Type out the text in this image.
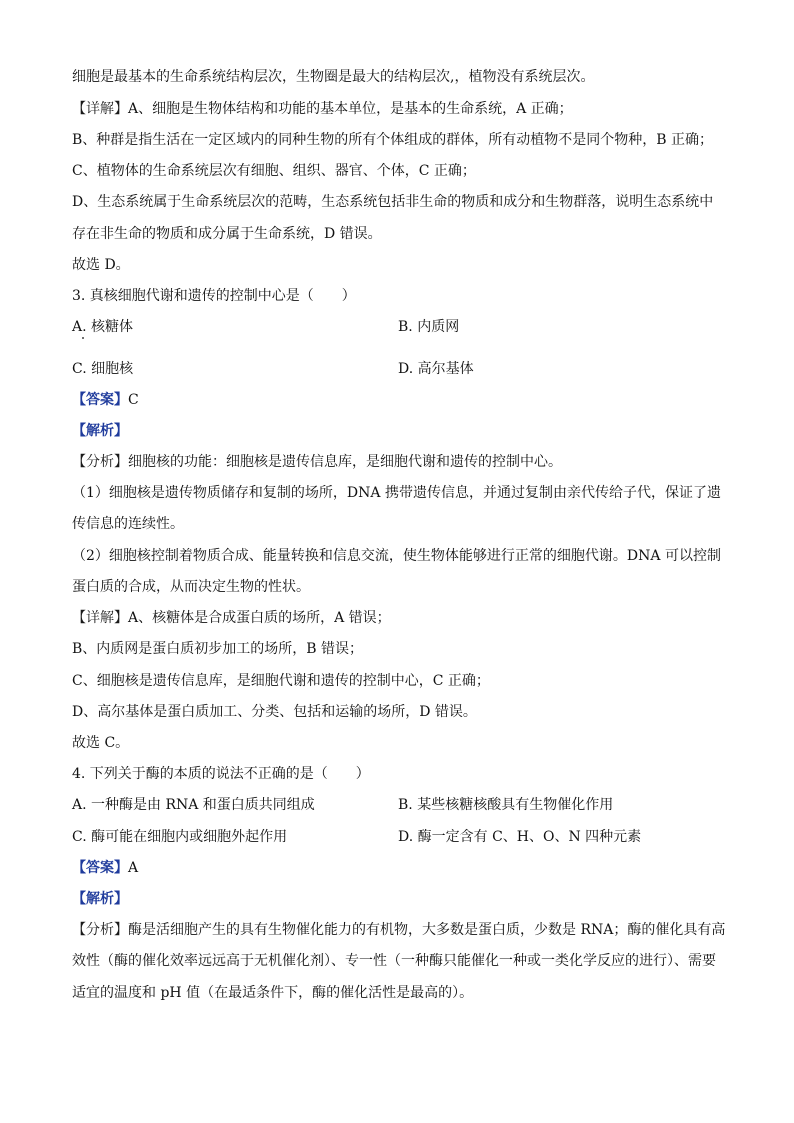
细胞是最基本的生命系统结构层次，生物圈是最大的结构层次,，植物没有系统层次。
【详解】A、细胞是生物体结构和功能的基本单位，是基本的生命系统，A 正确；
B、种群是指生活在一定区域内的同种生物的所有个体组成的群体，所有动植物不是同个物种，B 正确；
C、植物体的生命系统层次有细胞、组织、器官、个体，C 正确；
D、生态系统属于生命系统层次的范畴，生态系统包括非生命的物质和成分和生物群落，说明生态系统中
存在非生命的物质和成分属于生命系统，D 错误。
故选 D。
3. 真核细胞代谢和遗传的控制中心是（　　）
A. 核糖体	B. 内质网
C. 细胞核	D. 高尔基体
【答案】C
【解析】
【分析】细胞核的功能：细胞核是遗传信息库，是细胞代谢和遗传的控制中心。
（1）细胞核是遗传物质储存和复制的场所，DNA 携带遗传信息，并通过复制由亲代传给子代，保证了遗
传信息的连续性。
（2）细胞核控制着物质合成、能量转换和信息交流，使生物体能够进行正常的细胞代谢。DNA 可以控制
蛋白质的合成，从而决定生物的性状。
【详解】A、核糖体是合成蛋白质的场所，A 错误；
B、内质网是蛋白质初步加工的场所，B 错误；
C、细胞核是遗传信息库，是细胞代谢和遗传的控制中心，C 正确；
D、高尔基体是蛋白质加工、分类、包括和运输的场所，D 错误。
故选 C。
4. 下列关于酶的本质的说法不正确的是（　　）
A. 一种酶是由 RNA 和蛋白质共同组成	B. 某些核糖核酸具有生物催化作用
C. 酶可能在细胞内或细胞外起作用	D. 酶一定含有 C、H、O、N 四种元素
【答案】A
【解析】
【分析】酶是活细胞产生的具有生物催化能力的有机物，大多数是蛋白质，少数是 RNA；酶的催化具有高
效性（酶的催化效率远远高于无机催化剂）、专一性（一种酶只能催化一种或一类化学反应的进行）、需要
适宜的温度和 pH 值（在最适条件下，酶的催化活性是最高的）。
